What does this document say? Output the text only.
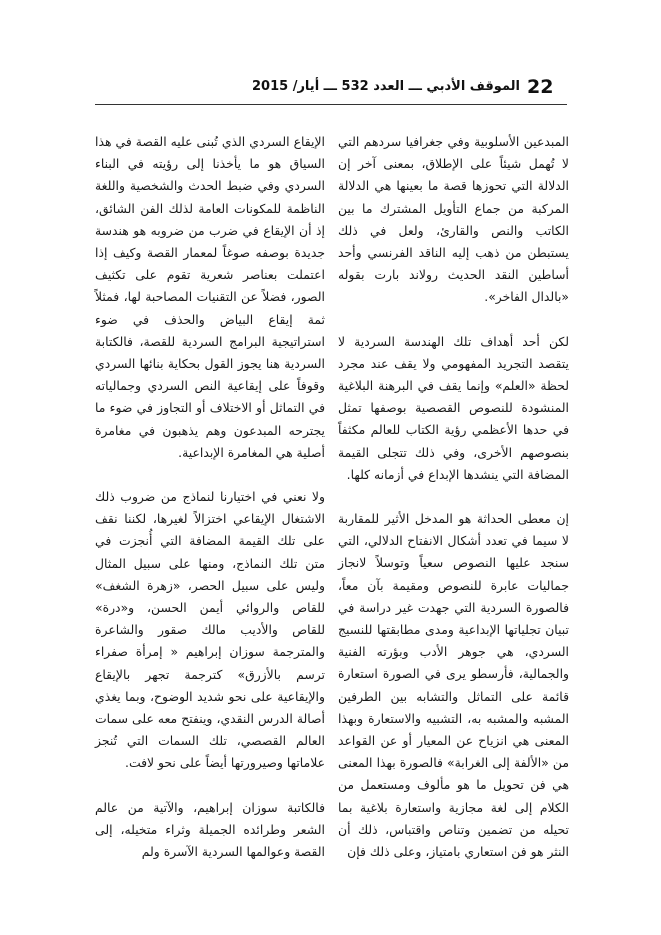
22
الموقف الأدبي ـــ العدد 532 ـــ أيار/ 2015

المبدعين الأسلوبية وفي جغرافيا سردهم التي لا تُهمل شيئاً على الإطلاق، بمعنى آخر إن الدلالة التي تحوزها قصة ما بعينها هي الدلالة المركبة من جماع التأويل المشترك ما بين الكاتب والنص والقارئ، ولعل في ذلك يستبطن من ذهب إليه الناقد الفرنسي وأحد أساطين النقد الحديث رولاند بارت بقوله «بالدال الفاخر».

لكن أحد أهداف تلك الهندسة السردية لا يتقصد التجريد المفهومي ولا يقف عند مجرد لحظة «العلم» وإنما يقف في البرهنة البلاغية المنشودة للنصوص القصصية بوصفها تمثل في حدها الأعظمي رؤية الكتاب للعالم مكثفاً بنصوصهم الأخرى، وفي ذلك تتجلى القيمة المضافة التي ينشدها الإبداع في أزمانه كلها.

إن معطى الحداثة هو المدخل الأثير للمقاربة لا سيما في تعدد أشكال الانفتاح الدلالي، التي سنجد عليها النصوص سعياً وتوسلاً لانجاز جماليات عابرة للنصوص ومقيمة بآن معاً، فالصورة السردية التي جهدت غير دراسة في تبيان تجلياتها الإبداعية ومدى مطابقتها للنسيج السردي، هي جوهر الأدب وبؤرته الفنية والجمالية، فأرسطو يرى في الصورة استعارة قائمة على التماثل والتشابه بين الطرفين المشبه والمشبه به، التشبيه والاستعارة وبهذا المعنى هي انزياح عن المعيار أو عن القواعد من «الألفة إلى الغرابة» فالصورة بهذا المعنى هي فن تحويل ما هو مألوف ومستعمل من الكلام إلى لغة مجازية واستعارة بلاغية بما تحيله من تضمين وتناص واقتباس، ذلك أن النثر هو فن استعاري بامتياز، وعلى ذلك فإن

الإيقاع السردي الذي تُبنى عليه القصة في هذا السياق هو ما يأخذنا إلى رؤيته في البناء السردي وفي ضبط الحدث والشخصية واللغة الناظمة للمكونات العامة لذلك الفن الشائق، إذ أن الإيقاع في ضرب من ضروبه هو هندسة جديدة بوصفه صوغاً لمعمار القصة وكيف إذا اعتملت بعناصر شعرية تقوم على تكثيف الصور، فضلاً عن التقنيات المصاحبة لها، فمثلاً ثمة إيقاع البياض والحذف في ضوء استراتيجية البرامج السردية للقصة، فالكتابة السردية هنا يجوز القول بحكاية بنائها السردي وقوفاً على إيقاعية النص السردي وجمالياته في التماثل أو الاختلاف أو التجاوز في ضوء ما يجترحه المبدعون وهم يذهبون في مغامرة أصلية هي المغامرة الإبداعية.

ولا نعني في اختيارنا لنماذج من ضروب ذلك الاشتغال الإيقاعي اختزالاً لغيرها، لكننا نقف على تلك القيمة المضافة التي أُنجزت في متن تلك النماذج، ومنها على سبيل المثال وليس على سبيل الحصر، «زهرة الشغف» للقاص والروائي أيمن الحسن، و«درة» للقاص والأديب مالك صقور والشاعرة والمترجمة سوزان إبراهيم « إمرأة صفراء ترسم بالأزرق» كترجمة تجهر بالإيقاع والإيقاعية على نحو شديد الوضوح، وبما يغذي أصالة الدرس النقدي، وينفتح معه على سمات العالم القصصي، تلك السمات التي تُنجز علاماتها وصيرورتها أيضاً على نحو لافت.

فالكاتبة سوزان إبراهيم، والآتية من عالم الشعر وطرائده الجميلة وثراء متخيله، إلى القصة وعوالمها السردية الآسرة ولم
